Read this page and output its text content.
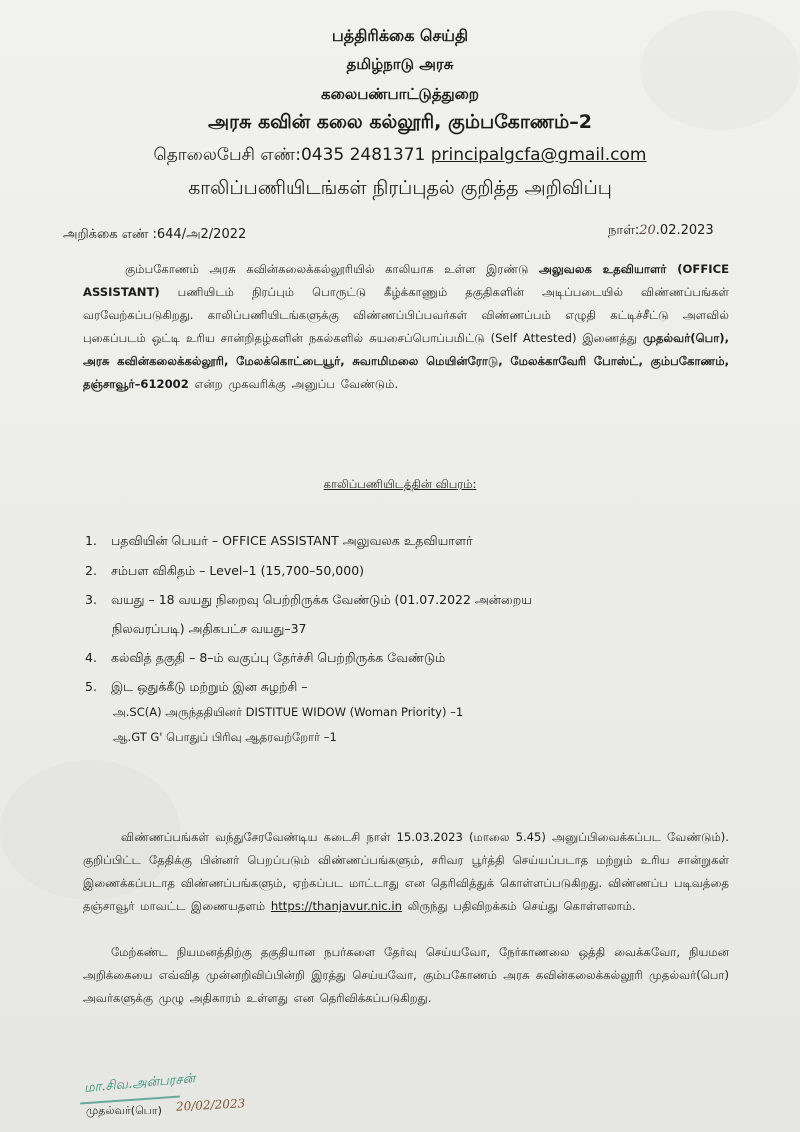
பத்திரிக்கை செய்தி
தமிழ்நாடு அரசு
கலைபண்பாட்டுத்துறை
அரசு கவின் கலை கல்லூரி, கும்பகோணம்–2
தொலைபேசி எண்:0435 2481371 principalgcfa@gmail.com
காலிப்பணியிடங்கள் நிரப்புதல் குறித்த அறிவிப்பு
அறிக்கை எண் :644/அ2/2022	நாள்:20.02.2023
கும்பகோணம் அரசு கவின்கலைக்கல்லூரியில் காலியாக உள்ள இரண்டு அலுவலக உதவியாளர் (OFFICE ASSISTANT) பணியிடம் நிரப்பும் பொருட்டு கீழ்க்காணும் தகுதிகளின் அடிப்படையில் விண்ணப்பங்கள் வரவேற்கப்படுகிறது. காலிப்பணியிடங்களுக்கு விண்ணப்பிப்பவர்கள் விண்ணப்பம் எழுதி கட்டிச்சீட்டு அளவில் புகைப்படம் ஒட்டி உரிய சான்றிதழ்களின் நகல்களில் சுயசைப்பொப்பமிட்டு (Self Attested) இணைத்து முதல்வர்(பொ), அரசு கவின்கலைக்கல்லூரி, மேலக்கொட்டையூர், சுவாமிமலை மெயின்ரோடு, மேலக்காவேரி போஸ்ட், கும்பகோணம், தஞ்சாவூர்–612002 என்ற முகவரிக்கு அனுப்ப வேண்டும்.
காலிப்பணியிடத்தின் விபரம்:
1. பதவியின் பெயர் – OFFICE ASSISTANT அலுவலக உதவியாளர்
2. சம்பள விகிதம் – Level–1 (15,700–50,000)
3. வயது – 18 வயது நிறைவு பெற்றிருக்க வேண்டும் (01.07.2022 அன்றைய
நிலவரப்படி) அதிகபட்ச வயது–37
4. கல்வித் தகுதி – 8–ம் வகுப்பு தேர்ச்சி பெற்றிருக்க வேண்டும்
5. இட ஒதுக்கீடு மற்றும் இன சுழற்சி –
அ.SC(A) அருந்ததியினர் DISTITUE WIDOW (Woman Priority) –1
ஆ.GT G' பொதுப் பிரிவு ஆதரவற்றோர் –1
விண்ணப்பங்கள் வந்துசேரவேண்டிய கடைசி நாள் 15.03.2023 (மாலை 5.45) அனுப்பிவைக்கப்பட வேண்டும்). குறிப்பிட்ட தேதிக்கு பின்னர் பெறப்படும் விண்ணப்பங்களும், சரிவர பூர்த்தி செய்யப்படாத மற்றும் உரிய சான்றுகள் இணைக்கப்படாத விண்ணப்பங்களும், ஏற்கப்பட மாட்டாது என தெரிவித்துக் கொள்ளப்படுகிறது. விண்ணப்ப படிவத்தை தஞ்சாவூர் மாவட்ட இணையதளம் https://thanjavur.nic.in லிருந்து பதிவிறக்கம் செய்து கொள்ளலாம்.
மேற்கண்ட நியமனத்திற்கு தகுதியான நபர்களை தேர்வு செய்யவோ, நேர்காணலை ஒத்தி வைக்கவோ, நியமன அறிக்கையை எவ்வித முன்னறிவிப்பின்றி இரத்து செய்யவோ, கும்பகோணம் அரசு கவின்கலைக்கல்லூரி முதல்வர்(பொ) அவர்களுக்கு முழு அதிகாரம் உள்ளது என தெரிவிக்கப்படுகிறது.
மா.சிவ.அன்பரசன்
முதல்வர்(பொ) 20/02/2023
